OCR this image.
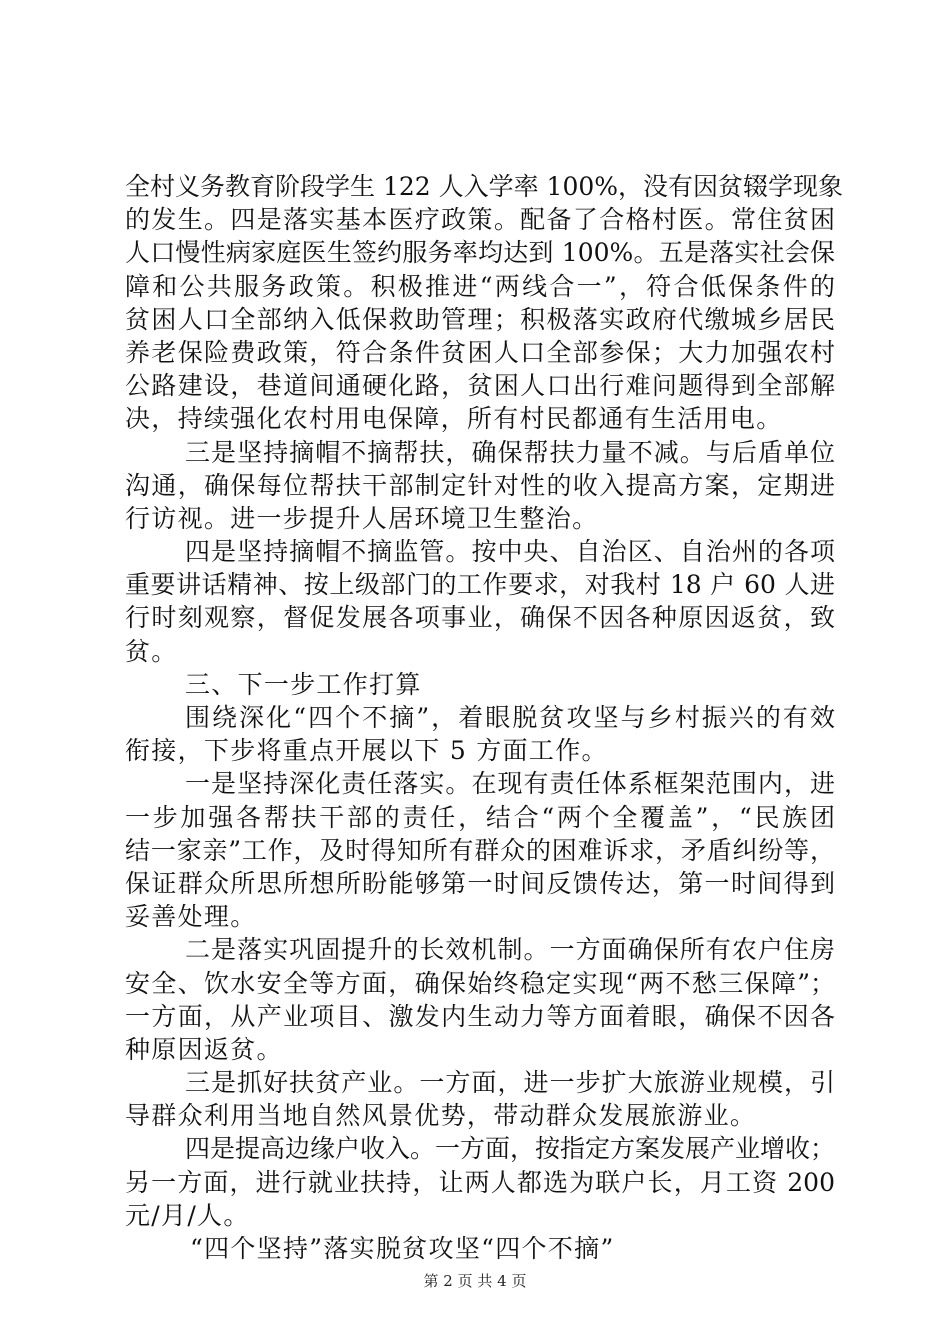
全村义务教育阶段学生 122 人入学率 100%，没有因贫辍学现象
的发生。四是落实基本医疗政策。配备了合格村医。常住贫困
人口慢性病家庭医生签约服务率均达到 100%。五是落实社会保
障和公共服务政策。积极推进“两线合一”，符合低保条件的
贫困人口全部纳入低保救助管理；积极落实政府代缴城乡居民
养老保险费政策，符合条件贫困人口全部参保；大力加强农村
公路建设，巷道间通硬化路，贫困人口出行难问题得到全部解
决，持续强化农村用电保障，所有村民都通有生活用电。
三是坚持摘帽不摘帮扶，确保帮扶力量不减。与后盾单位
沟通，确保每位帮扶干部制定针对性的收入提高方案，定期进
行访视。进一步提升人居环境卫生整治。
四是坚持摘帽不摘监管。按中央、自治区、自治州的各项
重要讲话精神、按上级部门的工作要求，对我村 18 户 60 人进
行时刻观察，督促发展各项事业，确保不因各种原因返贫，致
贫。
三、下一步工作打算
围绕深化“四个不摘”，着眼脱贫攻坚与乡村振兴的有效
衔接，下步将重点开展以下 5 方面工作。
一是坚持深化责任落实。在现有责任体系框架范围内，进
一步加强各帮扶干部的责任，结合“两个全覆盖”，“民族团
结一家亲”工作，及时得知所有群众的困难诉求，矛盾纠纷等，
保证群众所思所想所盼能够第一时间反馈传达，第一时间得到
妥善处理。
二是落实巩固提升的长效机制。一方面确保所有农户住房
安全、饮水安全等方面，确保始终稳定实现“两不愁三保障”；
一方面，从产业项目、激发内生动力等方面着眼，确保不因各
种原因返贫。
三是抓好扶贫产业。一方面，进一步扩大旅游业规模，引
导群众利用当地自然风景优势，带动群众发展旅游业。
四是提高边缘户收入。一方面，按指定方案发展产业增收；
另一方面，进行就业扶持，让两人都选为联户长，月工资 200
元/月/人。
“四个坚持”落实脱贫攻坚“四个不摘”
第 2 页 共 4 页
